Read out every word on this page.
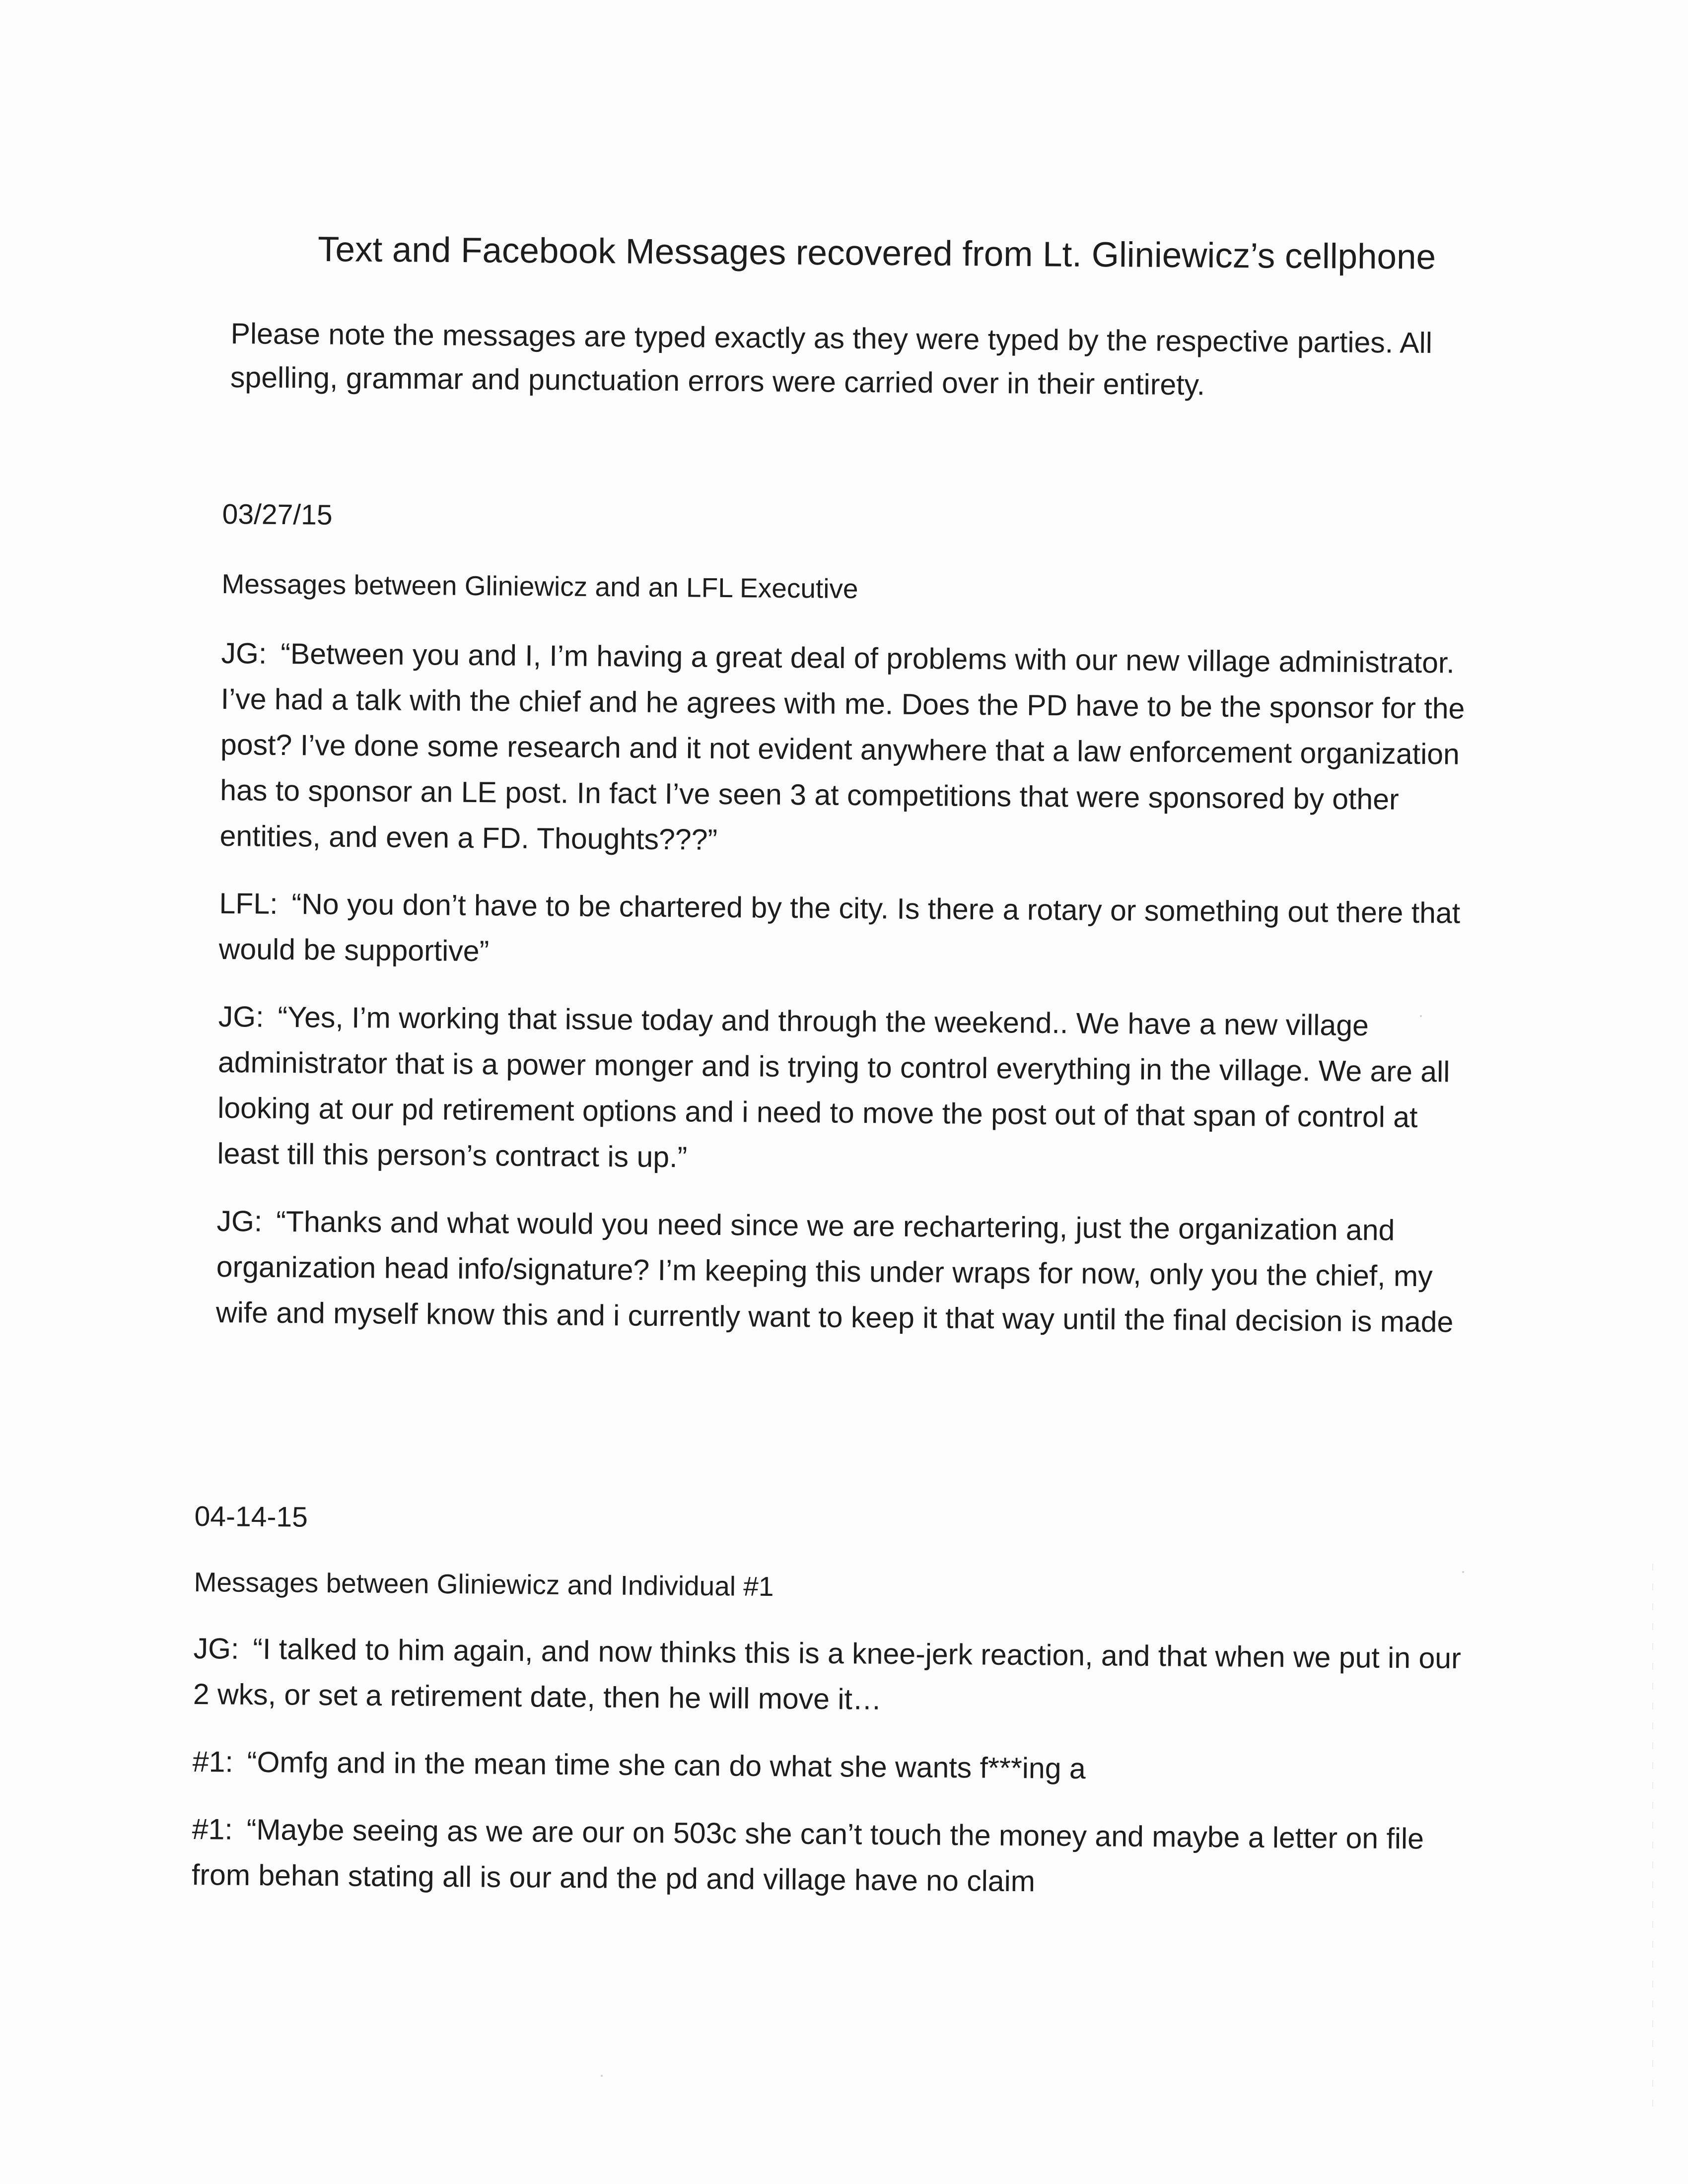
Text and Facebook Messages recovered from Lt. Gliniewicz’s cellphone
Please note the messages are typed exactly as they were typed by the respective parties. All spelling, grammar and punctuation errors were carried over in their entirety.

03/27/15

Messages between Gliniewicz and an LFL Executive

JG: “Between you and I, I’m having a great deal of problems with our new village administrator. I’ve had a talk with the chief and he agrees with me. Does the PD have to be the sponsor for the post? I’ve done some research and it not evident anywhere that a law enforcement organization has to sponsor an LE post. In fact I’ve seen 3 at competitions that were sponsored by other entities, and even a FD. Thoughts???”

LFL: “No you don’t have to be chartered by the city. Is there a rotary or something out there that would be supportive”

JG: “Yes, I’m working that issue today and through the weekend.. We have a new village administrator that is a power monger and is trying to control everything in the village. We are all looking at our pd retirement options and i need to move the post out of that span of control at least till this person’s contract is up.”

JG: “Thanks and what would you need since we are rechartering, just the organization and organization head info/signature? I’m keeping this under wraps for now, only you the chief, my wife and myself know this and i currently want to keep it that way until the final decision is made

04-14-15

Messages between Gliniewicz and Individual #1

JG: “I talked to him again, and now thinks this is a knee-jerk reaction, and that when we put in our 2 wks, or set a retirement date, then he will move it…

#1: “Omfg and in the mean time she can do what she wants f***ing a

#1: “Maybe seeing as we are our on 503c she can’t touch the money and maybe a letter on file from behan stating all is our and the pd and village have no claim
